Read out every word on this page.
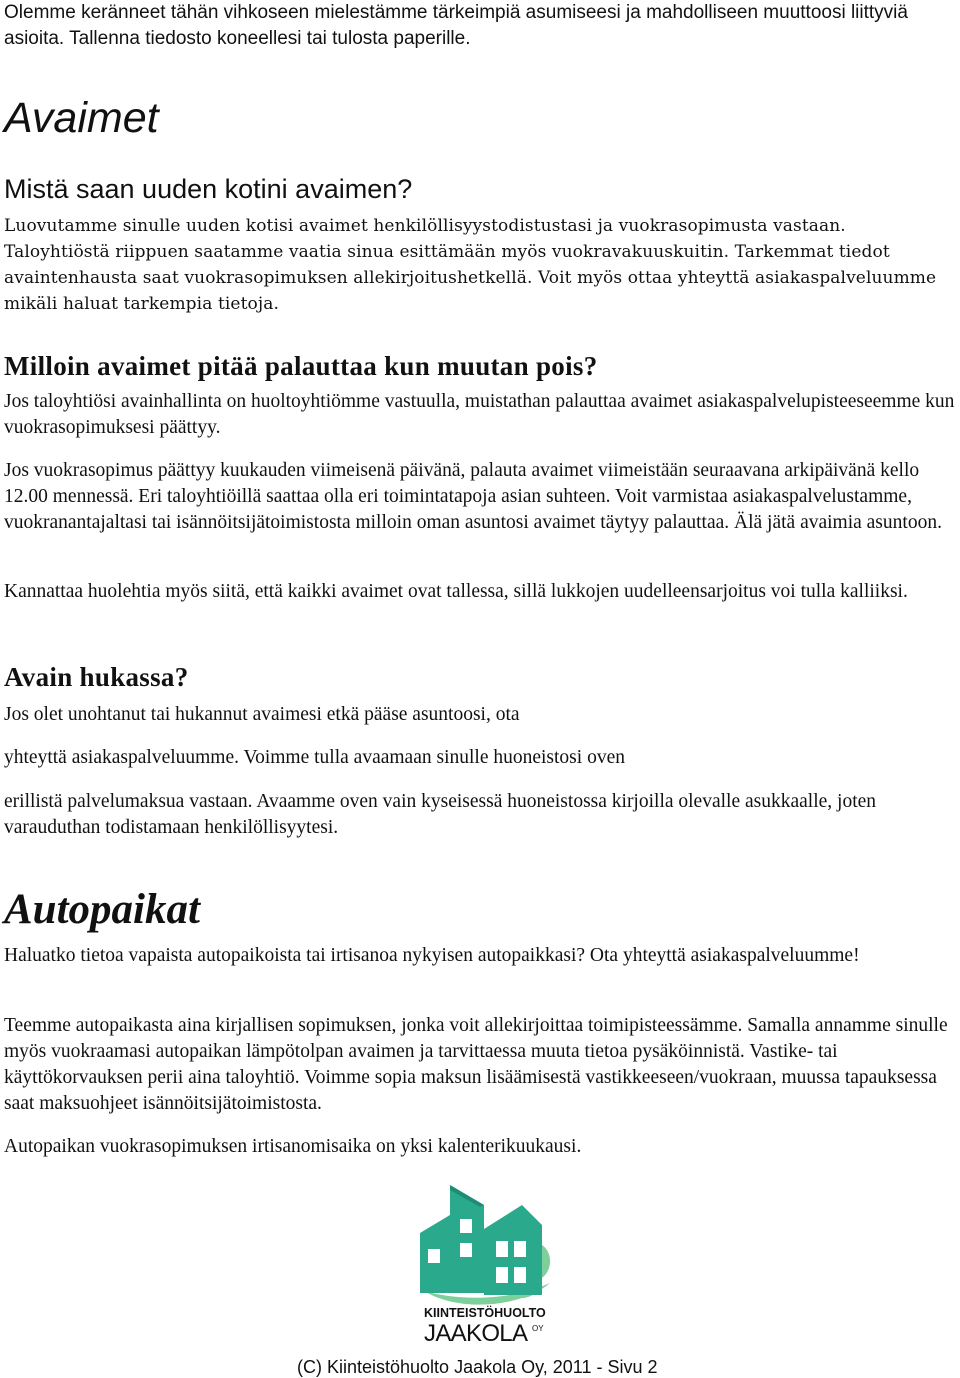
Olemme keränneet tähän vihkoseen mielestämme tärkeimpiä asumiseesi ja mahdolliseen muuttoosi liittyviä asioita. Tallenna tiedosto koneellesi tai tulosta paperille.

Avaimet
Mistä saan uuden kotini avaimen?

Luovutamme sinulle uuden kotisi avaimet henkilöllisyystodistustasi ja vuokrasopimusta vastaan. Taloyhtiöstä riippuen saatamme vaatia sinua esittämään myös vuokravakuuskuitin. Tarkemmat tiedot avaintenhausta saat vuokrasopimuksen allekirjoitushetkellä. Voit myös ottaa yhteyttä asiakaspalveluumme mikäli haluat tarkempia tietoja.

Milloin avaimet pitää palauttaa kun muutan pois?

Jos taloyhtiösi avainhallinta on huoltoyhtiömme vastuulla, muistathan palauttaa avaimet asiakaspalvelupisteeseemme kun vuokrasopimuksesi päättyy.

Jos vuokrasopimus päättyy kuukauden viimeisenä päivänä, palauta avaimet viimeistään seuraavana arkipäivänä kello 12.00 mennessä. Eri taloyhtiöillä saattaa olla eri toimintatapoja asian suhteen. Voit varmistaa asiakaspalvelustamme, vuokranantajaltasi tai isännöitsijätoimistosta milloin oman asuntosi avaimet täytyy palauttaa. Älä jätä avaimia asuntoon.

Kannattaa huolehtia myös siitä, että kaikki avaimet ovat tallessa, sillä lukkojen uudelleensarjoitus voi tulla kalliiksi.

Avain hukassa?

Jos olet unohtanut tai hukannut avaimesi etkä pääse asuntoosi, ota

yhteyttä asiakaspalveluumme. Voimme tulla avaamaan sinulle huoneistosi oven

erillistä palvelumaksua vastaan. Avaamme oven vain kyseisessä huoneistossa kirjoilla olevalle asukkaalle, joten varauduthan todistamaan henkilöllisyytesi.

Autopaikat

Haluatko tietoa vapaista autopaikoista tai irtisanoa nykyisen autopaikkasi? Ota yhteyttä asiakaspalveluumme!

Teemme autopaikasta aina kirjallisen sopimuksen, jonka voit allekirjoittaa toimipisteessämme. Samalla annamme sinulle myös vuokraamasi autopaikan lämpötolpan avaimen ja tarvittaessa muuta tietoa pysäköinnistä. Vastike- tai käyttökorvauksen perii aina taloyhtiö. Voimme sopia maksun lisäämisestä vastikkeeseen/vuokraan, muussa tapauksessa saat maksuohjeet isännöitsijätoimistosta.

Autopaikan vuokrasopimuksen irtisanomisaika on yksi kalenterikuukausi.

KIINTEISTÖHUOLTO
JAAKOLA OY
(C) Kiinteistöhuolto Jaakola Oy, 2011 - Sivu 2
